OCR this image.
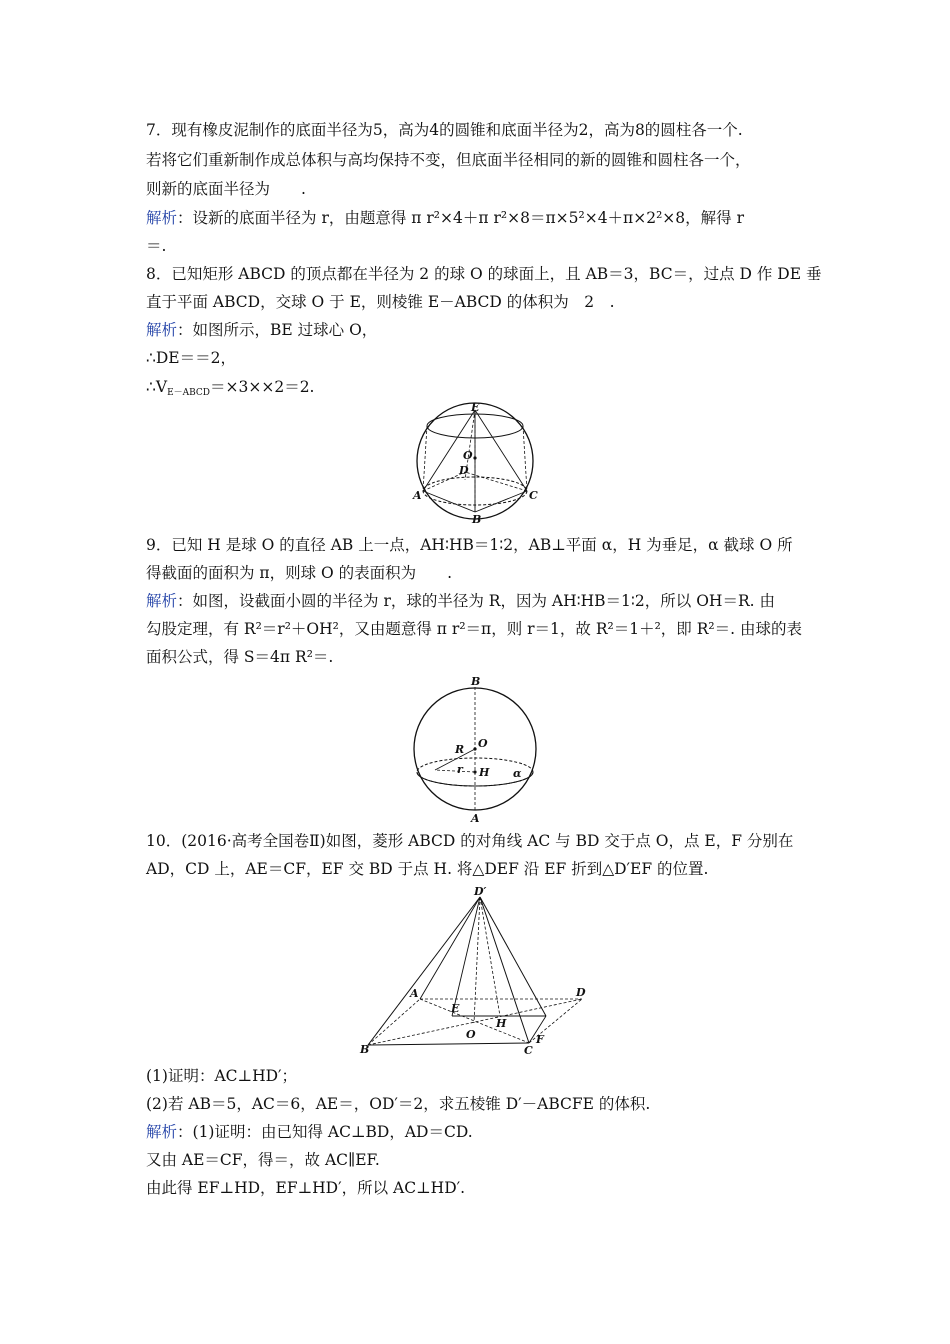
7．现有橡皮泥制作的底面半径为5，高为4的圆锥和底面半径为2，高为8的圆柱各一个.
若将它们重新制作成总体积与高均保持不变，但底面半径相同的新的圆锥和圆柱各一个，
则新的底面半径为　　.
解析：设新的底面半径为 r，由题意得 π r²×4＋π r²×8＝π×5²×4＋π×2²×8，解得 r
＝.
8．已知矩形 ABCD 的顶点都在半径为 2 的球 O 的球面上，且 AB＝3，BC＝，过点 D 作 DE 垂
直于平面 ABCD，交球 O 于 E，则棱锥 E－ABCD 的体积为　2　.
解析：如图所示，BE 过球心 O，
∴DE＝＝2，
$\therefore V_{E-ABCD}=\times 3\times\times 2=2$.
E
O
D
A	C
B
9．已知 H 是球 O 的直径 AB 上一点，AH∶HB＝1∶2，AB⊥平面 α，H 为垂足，α 截球 O 所
得截面的面积为 π，则球 O 的表面积为　　.
解析：如图，设截面小圆的半径为 r，球的半径为 R，因为 AH∶HB＝1∶2，所以 OH＝R. 由
勾股定理，有 R²＝r²＋OH²，又由题意得 π r²＝π，则 r＝1，故 R²＝1＋²，即 R²＝. 由球的表
面积公式，得 S＝4π R²＝.
B
O
R
r H α
A
10．(2016·高考全国卷Ⅱ)如图，菱形 ABCD 的对角线 AC 与 BD 交于点 O，点 E，F 分别在
AD，CD 上，AE＝CF，EF 交 BD 于点 H. 将△DEF 沿 EF 折到△D′EF 的位置.
D′
A
E
D
H
O
B	C
F
(1)证明：AC⊥HD′；
(2)若 AB＝5，AC＝6，AE＝，OD′＝2，求五棱锥 D′－ABCFE 的体积.
解析：(1)证明：由已知得 AC⊥BD，AD＝CD.
又由 AE＝CF，得＝，故 AC∥EF.
由此得 EF⊥HD，EF⊥HD′，所以 AC⊥HD′.
